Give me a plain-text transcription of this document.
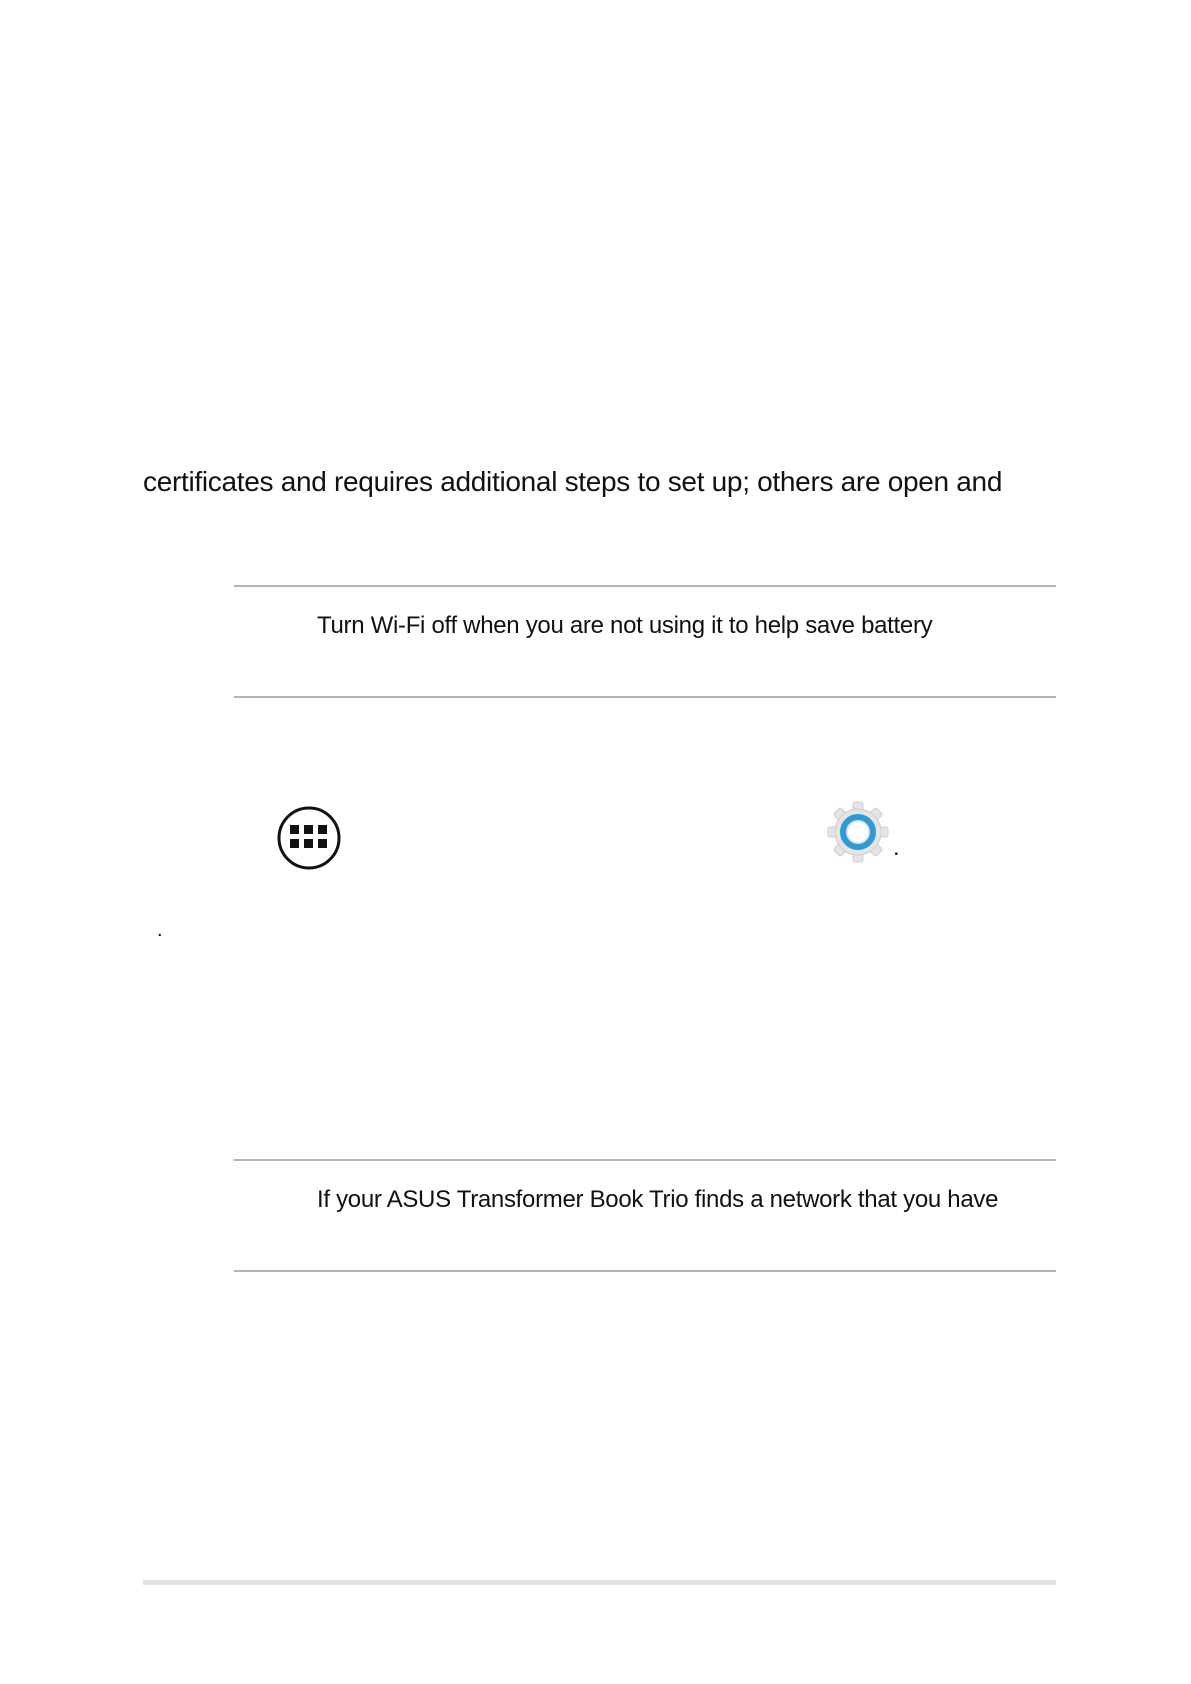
certificates and requires additional steps to set up; others are open and
Turn Wi-Fi off when you are not using it to help save battery
.
.
If your ASUS Transformer Book Trio finds a network that you have
